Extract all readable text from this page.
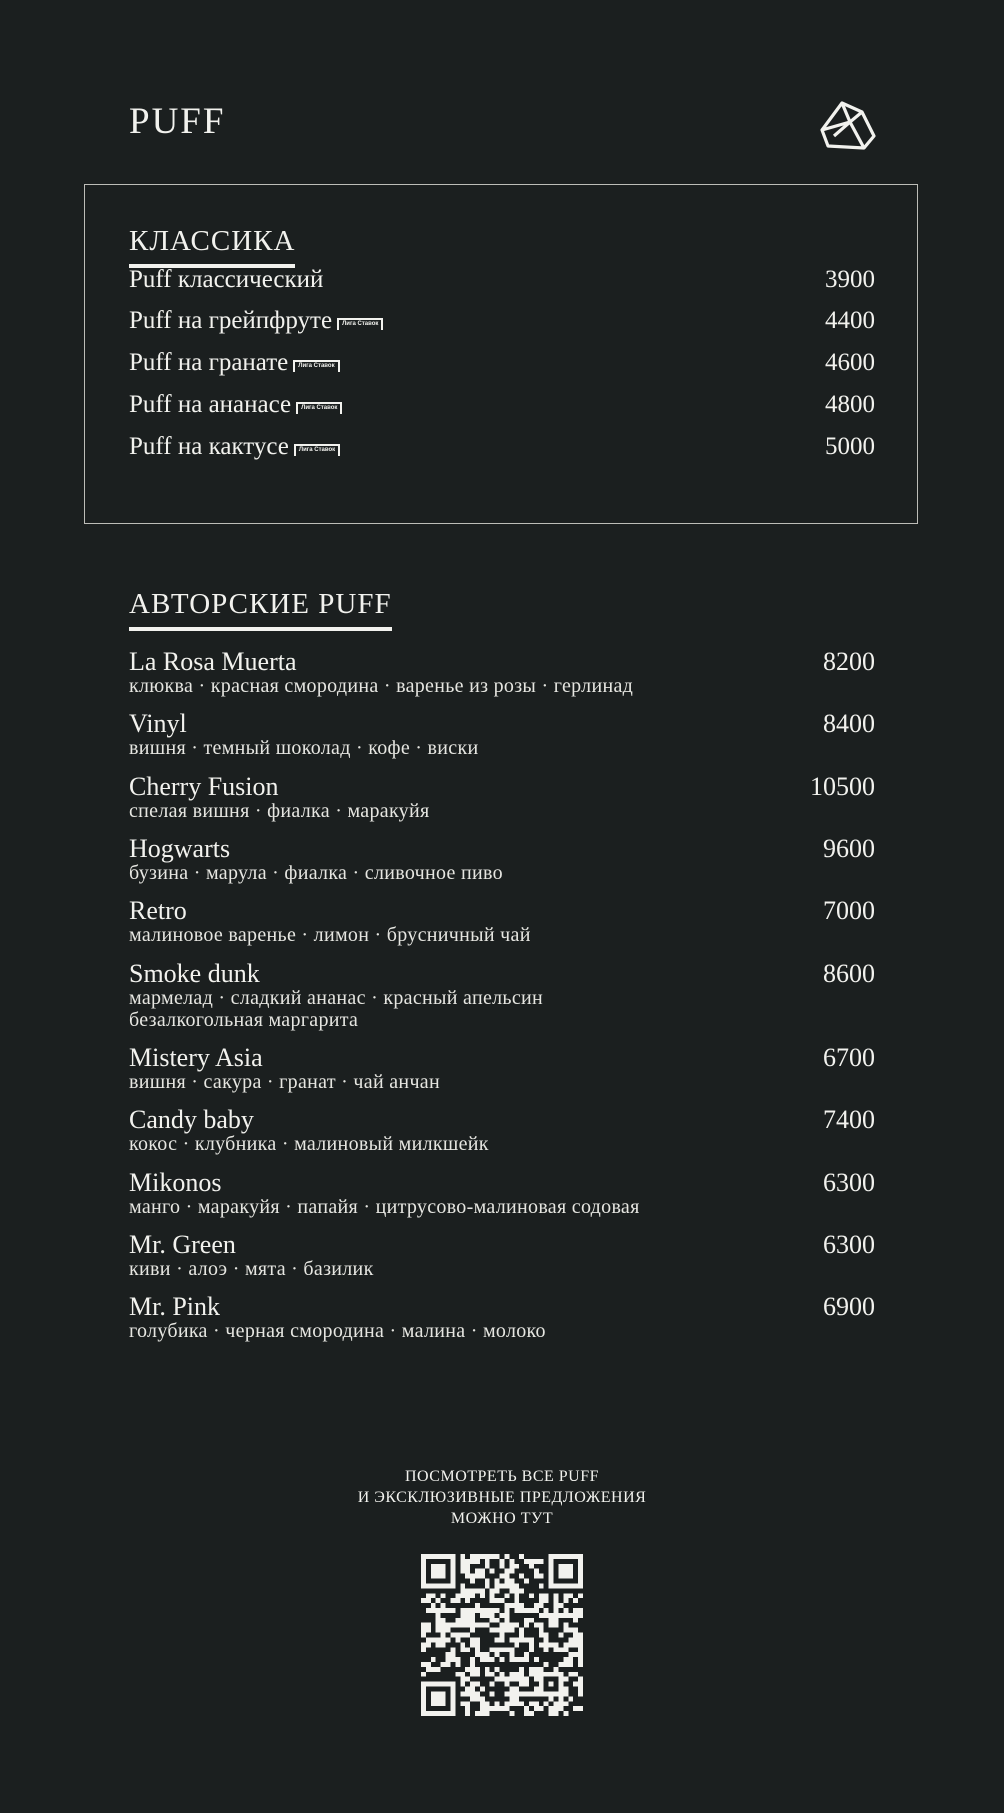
PUFF
КЛАССИКА
Puff классический	3900
Puff на грейпфруте Лига Ставок	4400
Puff на гранате Лига Ставок	4600
Puff на ананасе Лига Ставок	4800
Puff на кактусе Лига Ставок	5000
АВТОРСКИЕ PUFF
La Rosa Muerta	8200
клюква · красная смородина · варенье из розы · герлинад
Vinyl	8400
вишня · темный шоколад · кофе · виски
Cherry Fusion	10500
спелая вишня · фиалка · маракуйя
Hogwarts	9600
бузина · марула · фиалка · сливочное пиво
Retro	7000
малиновое варенье · лимон · брусничный чай
Smoke dunk	8600
мармелад · сладкий ананас · красный апельсин
безалкогольная маргарита
Mistery Asia	6700
вишня · сакура · гранат · чай анчан
Candy baby	7400
кокос · клубника · малиновый милкшейк
Mikonos	6300
манго · маракуйя · папайя · цитрусово-малиновая содовая
Mr. Green	6300
киви · алоэ · мята · базилик
Mr. Pink	6900
голубика · черная смородина · малина · молоко
ПОСМОТРЕТЬ ВСЕ PUFF
И ЭКСКЛЮЗИВНЫЕ ПРЕДЛОЖЕНИЯ
МОЖНО ТУТ
